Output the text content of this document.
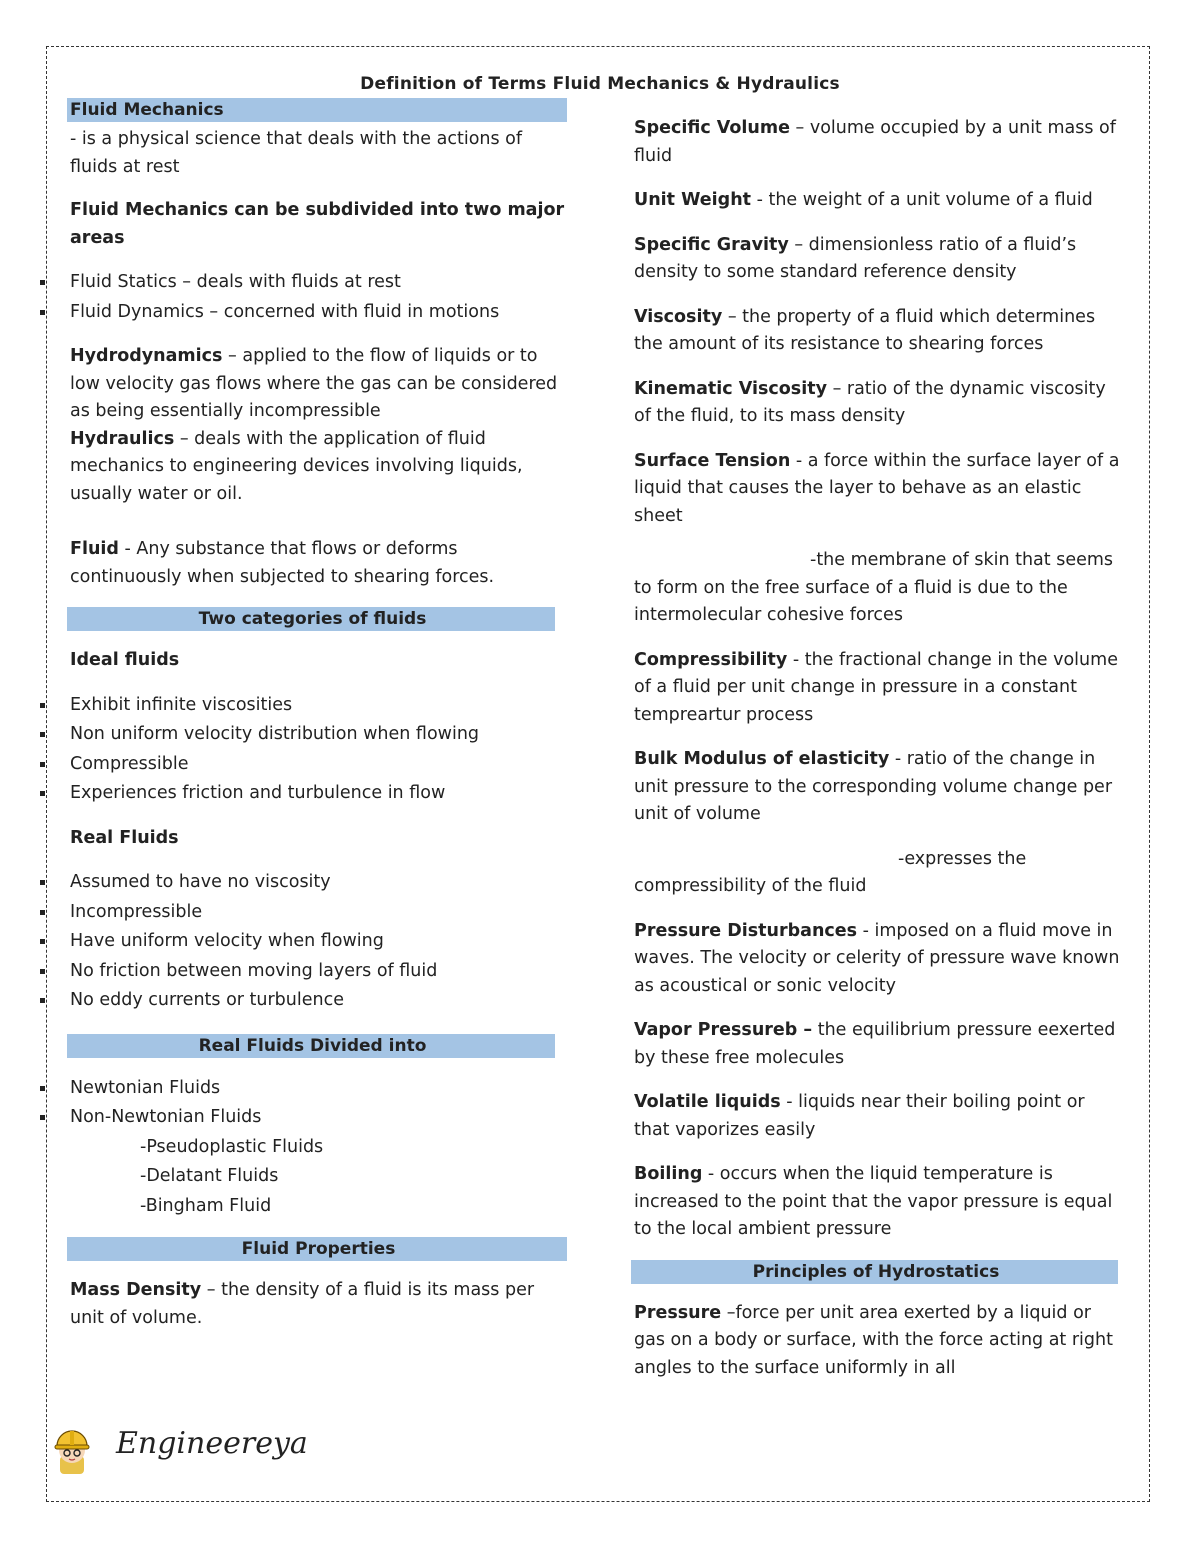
Definition of Terms Fluid Mechanics & Hydraulics
Fluid Mechanics

- is a physical science that deals with the actions of fluids at rest

Fluid Mechanics can be subdivided into two major areas

Fluid Statics – deals with fluids at rest
Fluid Dynamics – concerned with fluid in motions

Hydrodynamics – applied to the flow of liquids or to low velocity gas flows where the gas can be considered as being essentially incompressible

Hydraulics – deals with the application of fluid mechanics to engineering devices involving liquids, usually water or oil.

Fluid - Any substance that flows or deforms continuously when subjected to shearing forces.

Two categories of fluids

Ideal fluids

Exhibit infinite viscosities
Non uniform velocity distribution when flowing
Compressible
Experiences friction and turbulence in flow

Real Fluids

Assumed to have no viscosity
Incompressible
Have uniform velocity when flowing
No friction between moving layers of fluid
No eddy currents or turbulence
Real Fluids Divided into
Newtonian Fluids
Non-Newtonian Fluids
-Pseudoplastic Fluids
-Delatant Fluids
-Bingham Fluid
Fluid Properties

Mass Density – the density of a fluid is its mass per unit of volume.

Engineereya

Specific Volume – volume occupied by a unit mass of fluid

Unit Weight - the weight of a unit volume of a fluid

Specific Gravity – dimensionless ratio of a fluid’s density to some standard reference density

Viscosity – the property of a fluid which determines the amount of its resistance to shearing forces

Kinematic Viscosity – ratio of the dynamic viscosity of the fluid, to its mass density

Surface Tension - a force within the surface layer of a liquid that causes the layer to behave as an elastic sheet

-the membrane of skin that seems to form on the free surface of a fluid is due to the intermolecular cohesive forces

Compressibility - the fractional change in the volume of a fluid per unit change in pressure in a constant tempreartur process

Bulk Modulus of elasticity - ratio of the change in unit pressure to the corresponding volume change per unit of volume

-expresses the compressibility of the fluid

Pressure Disturbances - imposed on a fluid move in waves. The velocity or celerity of pressure wave known as acoustical or sonic velocity

Vapor Pressureb – the equilibrium pressure eexerted by these free molecules

Volatile liquids - liquids near their boiling point or that vaporizes easily

Boiling - occurs when the liquid temperature is increased to the point that the vapor pressure is equal to the local ambient pressure

Principles of Hydrostatics

Pressure –force per unit area exerted by a liquid or gas on a body or surface, with the force acting at right angles to the surface uniformly in all
